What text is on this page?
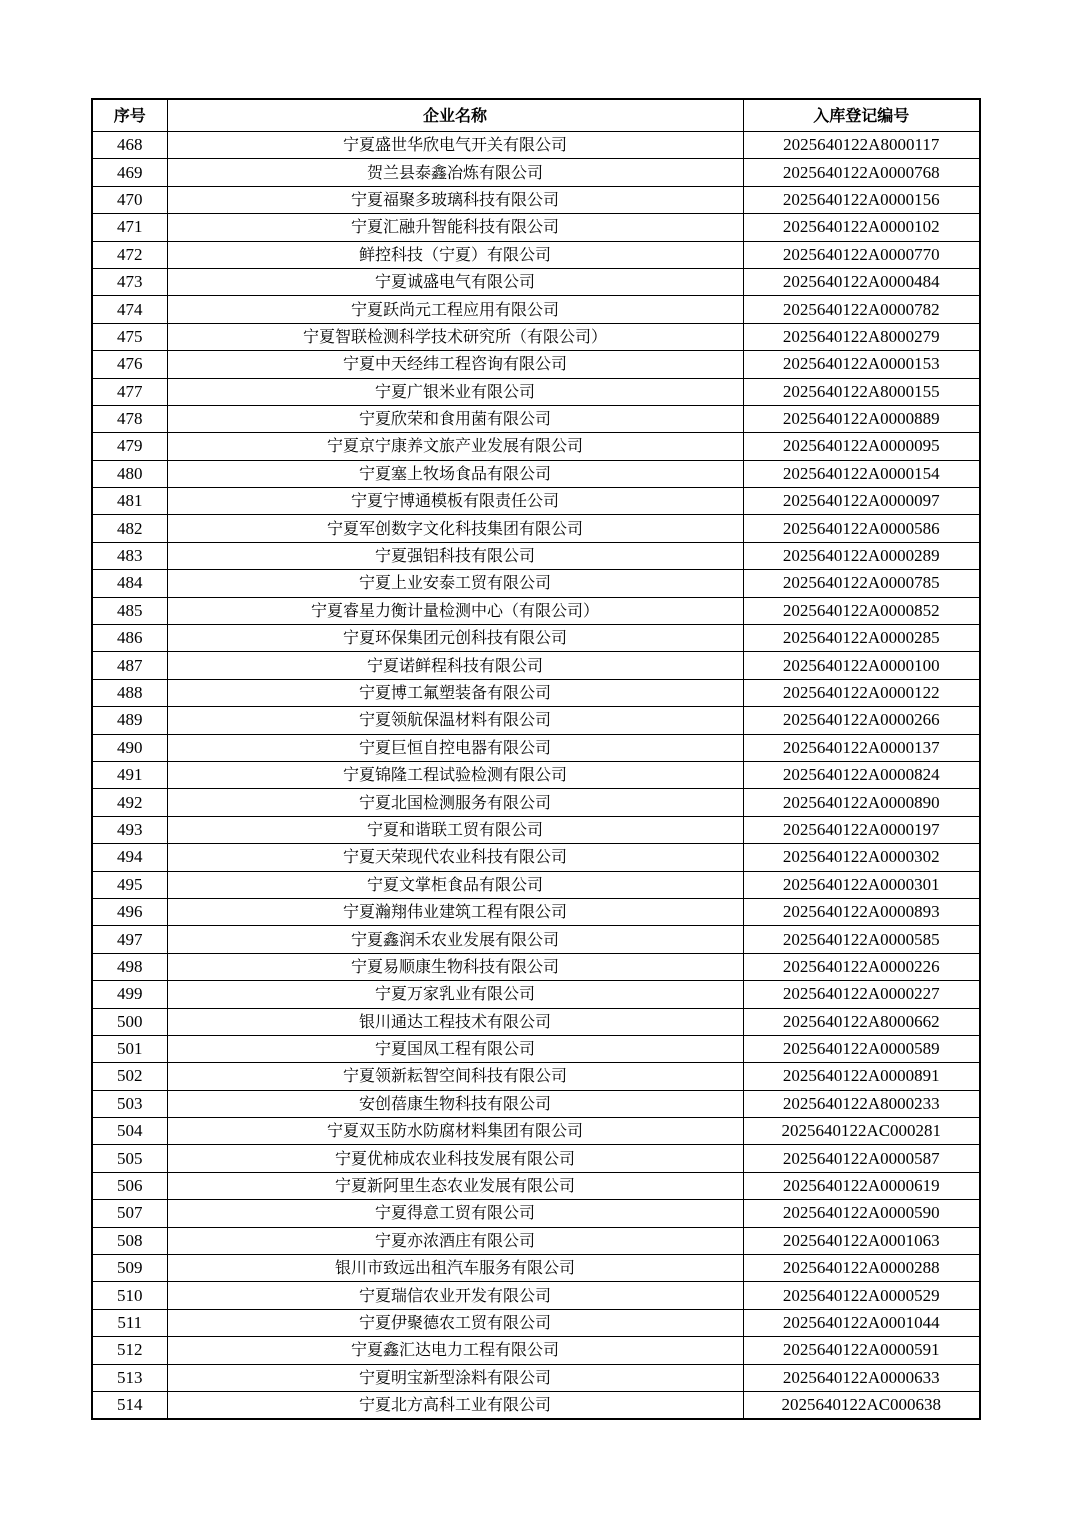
序号	企业名称	入库登记编号
468	宁夏盛世华欣电气开关有限公司	2025640122A8000117
469	贺兰县泰鑫冶炼有限公司	2025640122A0000768
470	宁夏福聚多玻璃科技有限公司	2025640122A0000156
471	宁夏汇融升智能科技有限公司	2025640122A0000102
472	鲜控科技（宁夏）有限公司	2025640122A0000770
473	宁夏诚盛电气有限公司	2025640122A0000484
474	宁夏跃尚元工程应用有限公司	2025640122A0000782
475	宁夏智联检测科学技术研究所（有限公司）	2025640122A8000279
476	宁夏中天经纬工程咨询有限公司	2025640122A0000153
477	宁夏广银米业有限公司	2025640122A8000155
478	宁夏欣荣和食用菌有限公司	2025640122A0000889
479	宁夏京宁康养文旅产业发展有限公司	2025640122A0000095
480	宁夏塞上牧场食品有限公司	2025640122A0000154
481	宁夏宁博通模板有限责任公司	2025640122A0000097
482	宁夏军创数字文化科技集团有限公司	2025640122A0000586
483	宁夏强铝科技有限公司	2025640122A0000289
484	宁夏上业安泰工贸有限公司	2025640122A0000785
485	宁夏睿星力衡计量检测中心（有限公司）	2025640122A0000852
486	宁夏环保集团元创科技有限公司	2025640122A0000285
487	宁夏诺鲜程科技有限公司	2025640122A0000100
488	宁夏博工氟塑装备有限公司	2025640122A0000122
489	宁夏领航保温材料有限公司	2025640122A0000266
490	宁夏巨恒自控电器有限公司	2025640122A0000137
491	宁夏锦隆工程试验检测有限公司	2025640122A0000824
492	宁夏北国检测服务有限公司	2025640122A0000890
493	宁夏和谐联工贸有限公司	2025640122A0000197
494	宁夏天荣现代农业科技有限公司	2025640122A0000302
495	宁夏文掌柜食品有限公司	2025640122A0000301
496	宁夏瀚翔伟业建筑工程有限公司	2025640122A0000893
497	宁夏鑫润禾农业发展有限公司	2025640122A0000585
498	宁夏易顺康生物科技有限公司	2025640122A0000226
499	宁夏万家乳业有限公司	2025640122A0000227
500	银川通达工程技术有限公司	2025640122A8000662
501	宁夏国凤工程有限公司	2025640122A0000589
502	宁夏领新耘智空间科技有限公司	2025640122A0000891
503	安创蓓康生物科技有限公司	2025640122A8000233
504	宁夏双玉防水防腐材料集团有限公司	2025640122AC000281
505	宁夏优柿成农业科技发展有限公司	2025640122A0000587
506	宁夏新阿里生态农业发展有限公司	2025640122A0000619
507	宁夏得意工贸有限公司	2025640122A0000590
508	宁夏亦浓酒庄有限公司	2025640122A0001063
509	银川市致远出租汽车服务有限公司	2025640122A0000288
510	宁夏瑞信农业开发有限公司	2025640122A0000529
511	宁夏伊聚德农工贸有限公司	2025640122A0001044
512	宁夏鑫汇达电力工程有限公司	2025640122A0000591
513	宁夏明宝新型涂料有限公司	2025640122A0000633
514	宁夏北方高科工业有限公司	2025640122AC000638
